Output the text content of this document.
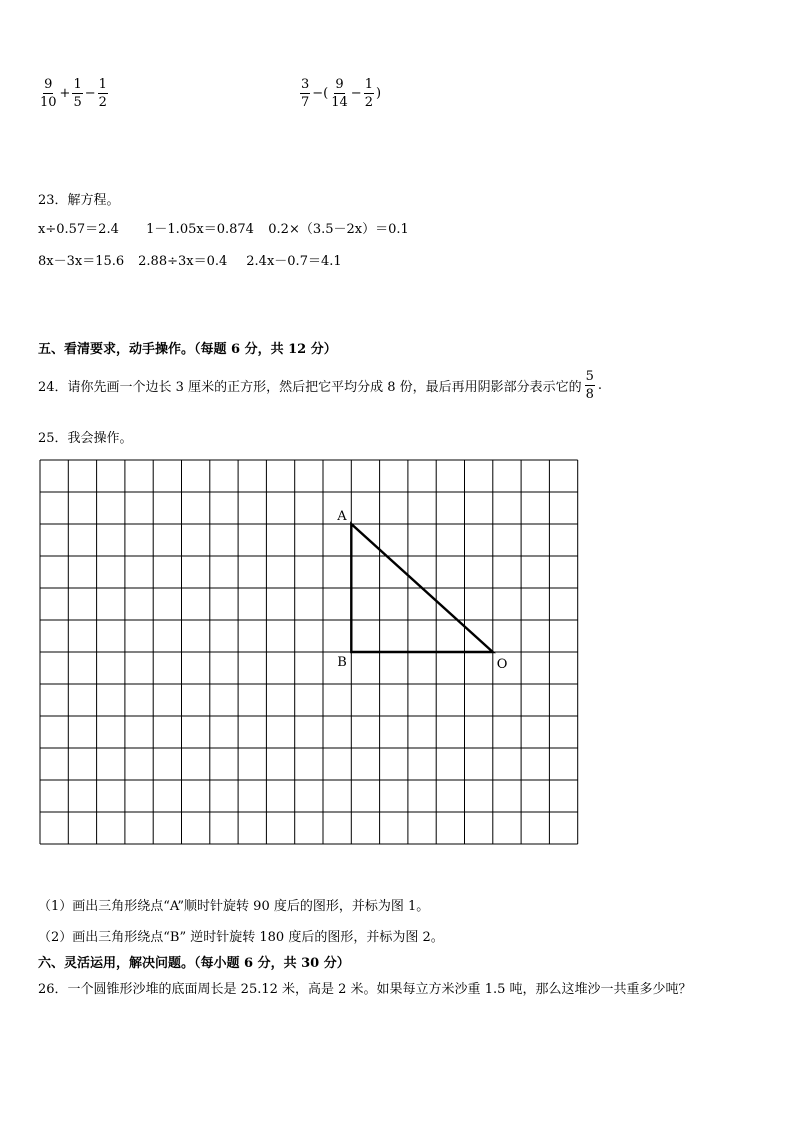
$\frac{9}{10} + \frac{1}{5} - \frac{1}{2}$	$\frac{3}{7}$ −( $\frac{9}{14} - \frac{1}{2}$ )
23．解方程。
x÷0.57＝2.4 1－1.05x＝0.874 0.2×（3.5－2x）＝0.1
8x－3x＝15.6 2.88÷3x＝0.4 2.4x－0.7＝4.1
五、看清要求，动手操作。（每题 6 分，共 12 分）
24．请你先画一个边长 3 厘米的正方形，然后把它平均分成 8 份，最后再用阴影部分表示它的 $\frac{5}{8}$ .
25．我会操作。
A
B	O
（1）画出三角形绕点“A”顺时针旋转 90 度后的图形，并标为图 1。
（2）画出三角形绕点“B” 逆时针旋转 180 度后的图形，并标为图 2。
六、灵活运用，解决问题。（每小题 6 分，共 30 分）
26．一个圆锥形沙堆的底面周长是 25.12 米，高是 2 米。如果每立方米沙重 1.5 吨，那么这堆沙一共重多少吨？
